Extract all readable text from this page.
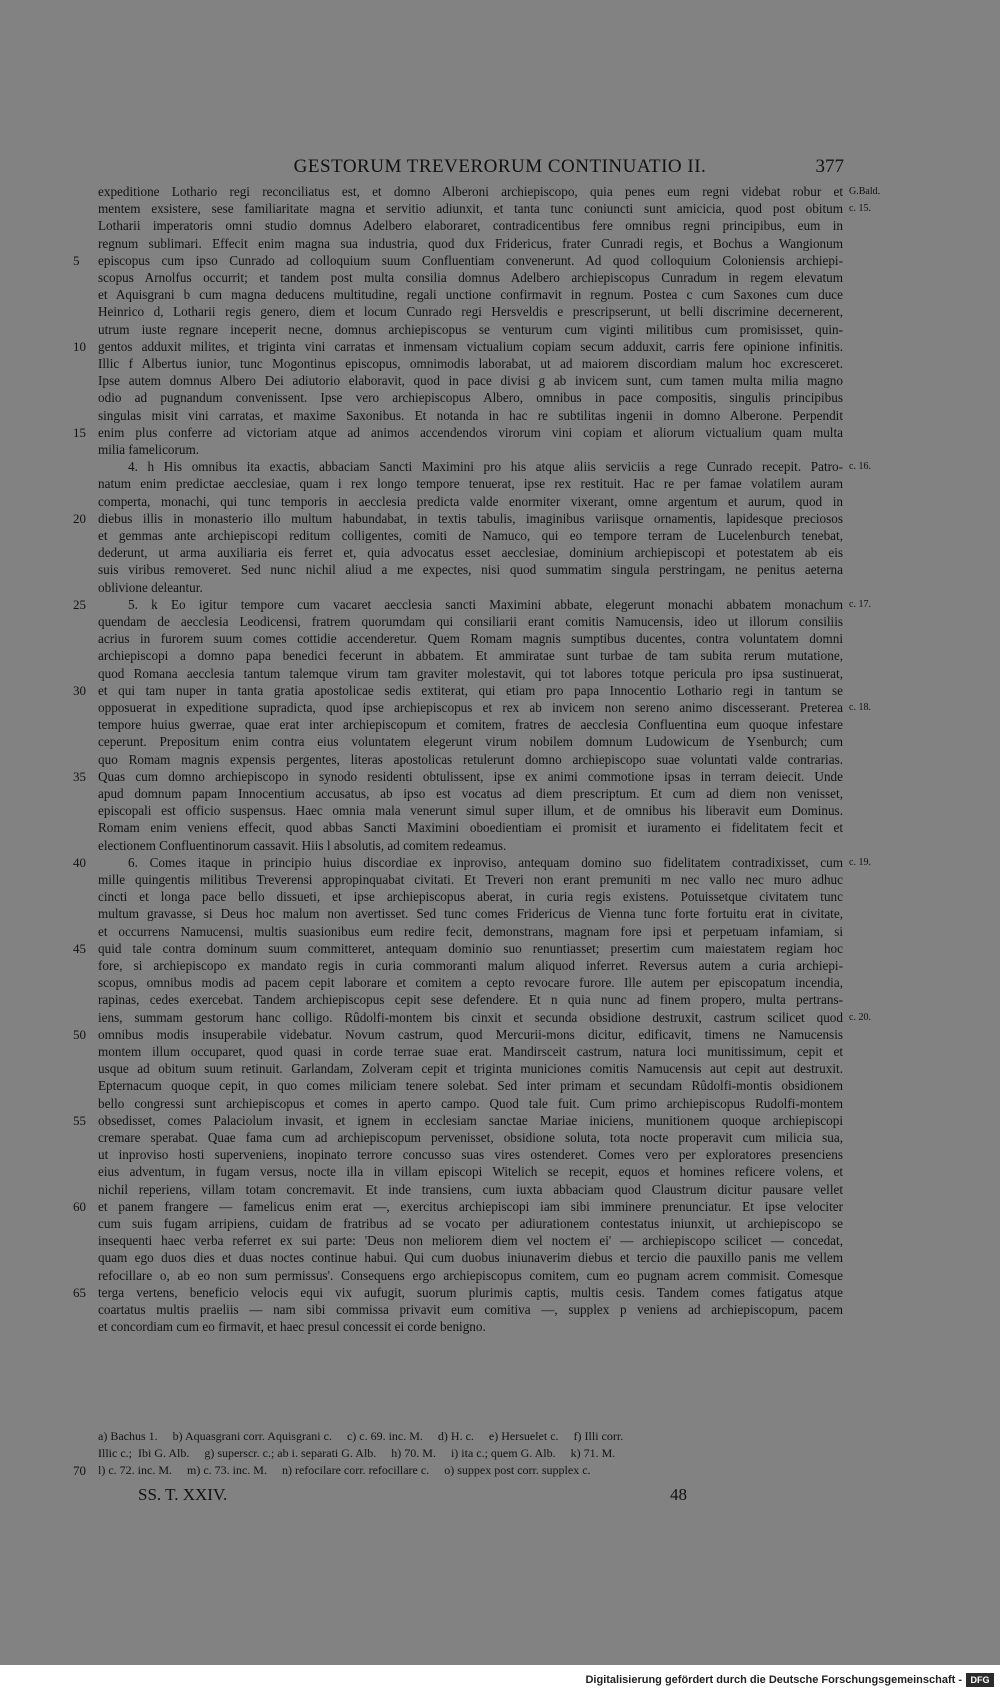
GESTORUM TREVERORUM CONTINUATIO II.	377
expeditione Lothario regi reconciliatus est, et domno Alberoni archiepiscopo, quia penes eum regni videbat robur et G.Bald.
mentem exsistere, sese familiaritate magna et servitio adiunxit, et tanta tunc coniuncti sunt amicicia, quod post obitum c. 15.
Lotharii imperatoris omni studio domnus Adelbero elaboraret, contradicentibus fere omnibus regni principibus, eum in
regnum sublimari. Effecit enim magna sua industria, quod dux Fridericus, frater Cunradi regis, et Bochus a Wangionum
episcopus cum ipso Cunrado ad colloquium suum Confluentiam convenerunt. Ad quod colloquium Coloniensis archiepi-
5
scopus Arnolfus occurrit; et tandem post multa consilia domnus Adelbero archiepiscopus Cunradum in regem elevatum
et Aquisgrani b cum magna deducens multitudine, regali unctione confirmavit in regnum. Postea c cum Saxones cum duce
Heinrico d, Lotharii regis genero, diem et locum Cunrado regi Hersveldis e prescripserunt, ut belli discrimine decernerent,
utrum iuste regnare inceperit necne, domnus archiepiscopus se venturum cum viginti militibus cum promisisset, quin-
gentos adduxit milites, et triginta vini carratas et inmensam victualium copiam secum adduxit, carris fere opinione infinitis.
10
Illic f Albertus iunior, tunc Mogontinus episcopus, omnimodis laborabat, ut ad maiorem discordiam malum hoc excresceret.
Ipse autem domnus Albero Dei adiutorio elaboravit, quod in pace divisi g ab invicem sunt, cum tamen multa milia magno
odio ad pugnandum convenissent. Ipse vero archiepiscopus Albero, omnibus in pace compositis, singulis principibus
singulas misit vini carratas, et maxime Saxonibus. Et notanda in hac re subtilitas ingenii in domno Alberone. Perpendit
enim plus conferre ad victoriam atque ad animos accendendos virorum vini copiam et aliorum victualium quam multa
15
milia famelicorum.
4. h His omnibus ita exactis, abbaciam Sancti Maximini pro his atque aliis serviciis a rege Cunrado recepit. Patro- c. 16.
natum enim predictae aecclesiae, quam i rex longo tempore tenuerat, ipse rex restituit. Hac re per famae volatilem auram
comperta, monachi, qui tunc temporis in aecclesia predicta valde enormiter vixerant, omne argentum et aurum, quod in
diebus illis in monasterio illo multum habundabat, in textis tabulis, imaginibus variisque ornamentis, lapidesque preciosos
20
et gemmas ante archiepiscopi reditum colligentes, comiti de Namuco, qui eo tempore terram de Lucelenburch tenebat,
dederunt, ut arma auxiliaria eis ferret et, quia advocatus esset aecclesiae, dominium archiepiscopi et potestatem ab eis
suis viribus removeret. Sed nunc nichil aliud a me expectes, nisi quod summatim singula perstringam, ne penitus aeterna
oblivione deleantur.
5. k Eo igitur tempore cum vacaret aecclesia sancti Maximini abbate, elegerunt monachi abbatem monachum
25	c. 17.
quendam de aecclesia Leodicensi, fratrem quorumdam qui consiliarii erant comitis Namucensis, ideo ut illorum consiliis
acrius in furorem suum comes cottidie accenderetur. Quem Romam magnis sumptibus ducentes, contra voluntatem domni
archiepiscopi a domno papa benedici fecerunt in abbatem. Et ammiratae sunt turbae de tam subita rerum mutatione,
quod Romana aecclesia tantum talemque virum tam graviter molestavit, qui tot labores totque pericula pro ipsa sustinuerat,
et qui tam nuper in tanta gratia apostolicae sedis extiterat, qui etiam pro papa Innocentio Lothario regi in tantum se
30
opposuerat in expeditione supradicta, quod ipse archiepiscopus et rex ab invicem non sereno animo discesserant. Preterea c. 18.
tempore huius gwerrae, quae erat inter archiepiscopum et comitem, fratres de aecclesia Confluentina eum quoque infestare
ceperunt. Prepositum enim contra eius voluntatem elegerunt virum nobilem domnum Ludowicum de Ysenburch; cum
quo Romam magnis expensis pergentes, literas apostolicas retulerunt domno archiepiscopo suae voluntati valde contrarias.
Quas cum domno archiepiscopo in synodo residenti obtulissent, ipse ex animi commotione ipsas in terram deiecit. Unde
35
apud domnum papam Innocentium accusatus, ab ipso est vocatus ad diem prescriptum. Et cum ad diem non venisset,
episcopali est officio suspensus. Haec omnia mala venerunt simul super illum, et de omnibus his liberavit eum Dominus.
Romam enim veniens effecit, quod abbas Sancti Maximini oboedientiam ei promisit et iuramento ei fidelitatem fecit et
electionem Confluentinorum cassavit. Hiis l absolutis, ad comitem redeamus.
6. Comes itaque in principio huius discordiae ex inproviso, antequam domino suo fidelitatem contradixisset, cum
40	c. 19.
mille quingentis militibus Treverensi appropinquabat civitati. Et Treveri non erant premuniti m nec vallo nec muro adhuc
cincti et longa pace bello dissueti, et ipse archiepiscopus aberat, in curia regis existens. Potuissetque civitatem tunc
multum gravasse, si Deus hoc malum non avertisset. Sed tunc comes Fridericus de Vienna tunc forte fortuitu erat in civitate,
et occurrens Namucensi, multis suasionibus eum redire fecit, demonstrans, magnam fore ipsi et perpetuam infamiam, si
quid tale contra dominum suum committeret, antequam dominio suo renuntiasset; presertim cum maiestatem regiam hoc
45
fore, si archiepiscopo ex mandato regis in curia commoranti malum aliquod inferret. Reversus autem a curia archiepi-
scopus, omnibus modis ad pacem cepit laborare et comitem a cepto revocare furore. Ille autem per episcopatum incendia,
rapinas, cedes exercebat. Tandem archiepiscopus cepit sese defendere. Et n quia nunc ad finem propero, multa pertrans-
iens, summam gestorum hanc colligo. Rûdolfi-montem bis cinxit et secunda obsidione destruxit, castrum scilicet quod c. 20.
omnibus modis insuperabile videbatur. Novum castrum, quod Mercurii-mons dicitur, edificavit, timens ne Namucensis
50
montem illum occuparet, quod quasi in corde terrae suae erat. Mandirsceit castrum, natura loci munitissimum, cepit et
usque ad obitum suum retinuit. Garlandam, Zolveram cepit et triginta municiones comitis Namucensis aut cepit aut destruxit.
Epternacum quoque cepit, in quo comes miliciam tenere solebat. Sed inter primam et secundam Rûdolfi-montis obsidionem
bello congressi sunt archiepiscopus et comes in aperto campo. Quod tale fuit. Cum primo archiepiscopus Rudolfi-montem
obsedisset, comes Palaciolum invasit, et ignem in ecclesiam sanctae Mariae iniciens, munitionem quoque archiepiscopi
55
cremare sperabat. Quae fama cum ad archiepiscopum pervenisset, obsidione soluta, tota nocte properavit cum milicia sua,
ut inproviso hosti superveniens, inopinato terrore concusso suas vires ostenderet. Comes vero per exploratores presenciens
eius adventum, in fugam versus, nocte illa in villam episcopi Witelich se recepit, equos et homines reficere volens, et
nichil reperiens, villam totam concremavit. Et inde transiens, cum iuxta abbaciam quod Claustrum dicitur pausare vellet
et panem frangere — famelicus enim erat —, exercitus archiepiscopi iam sibi imminere prenunciatur. Et ipse velociter
60
cum suis fugam arripiens, cuidam de fratribus ad se vocato per adiurationem contestatus iniunxit, ut archiepiscopo se
insequenti haec verba referret ex sui parte: 'Deus non meliorem diem vel noctem ei' — archiepiscopo scilicet — concedat,
quam ego duos dies et duas noctes continue habui. Qui cum duobus iniunaverim diebus et tercio die pauxillo panis me vellem
refocillare o, ab eo non sum permissus'. Consequens ergo archiepiscopus comitem, cum eo pugnam acrem commisit. Comesque
terga vertens, beneficio velocis equi vix aufugit, suorum plurimis captis, multis cesis. Tandem comes fatigatus atque
65
coartatus multis praeliis — nam sibi commissa privavit eum comitiva —, supplex p veniens ad archiepiscopum, pacem
et concordiam cum eo firmavit, et haec presul concessit ei corde benigno.
a) Bachus 1.     b) Aquasgrani corr. Aquisgrani c.     c) c. 69. inc. M.     d) H. c.     e) Hersuelet c.     f) Illi corr.
Illic c.;  Ibi G. Alb.     g) superscr. c.; ab i. separati G. Alb.     h) 70. M.     i) ita c.; quem G. Alb.     k) 71. M.
l) c. 72. inc. M.     m) c. 73. inc. M.     n) refocilare corr. refocillare c.     o) suppex post corr. supplex c.
70
SS. T. XXIV.	48
Digitalisierung gefördert durch die Deutsche Forschungsgemeinschaft - DFG
